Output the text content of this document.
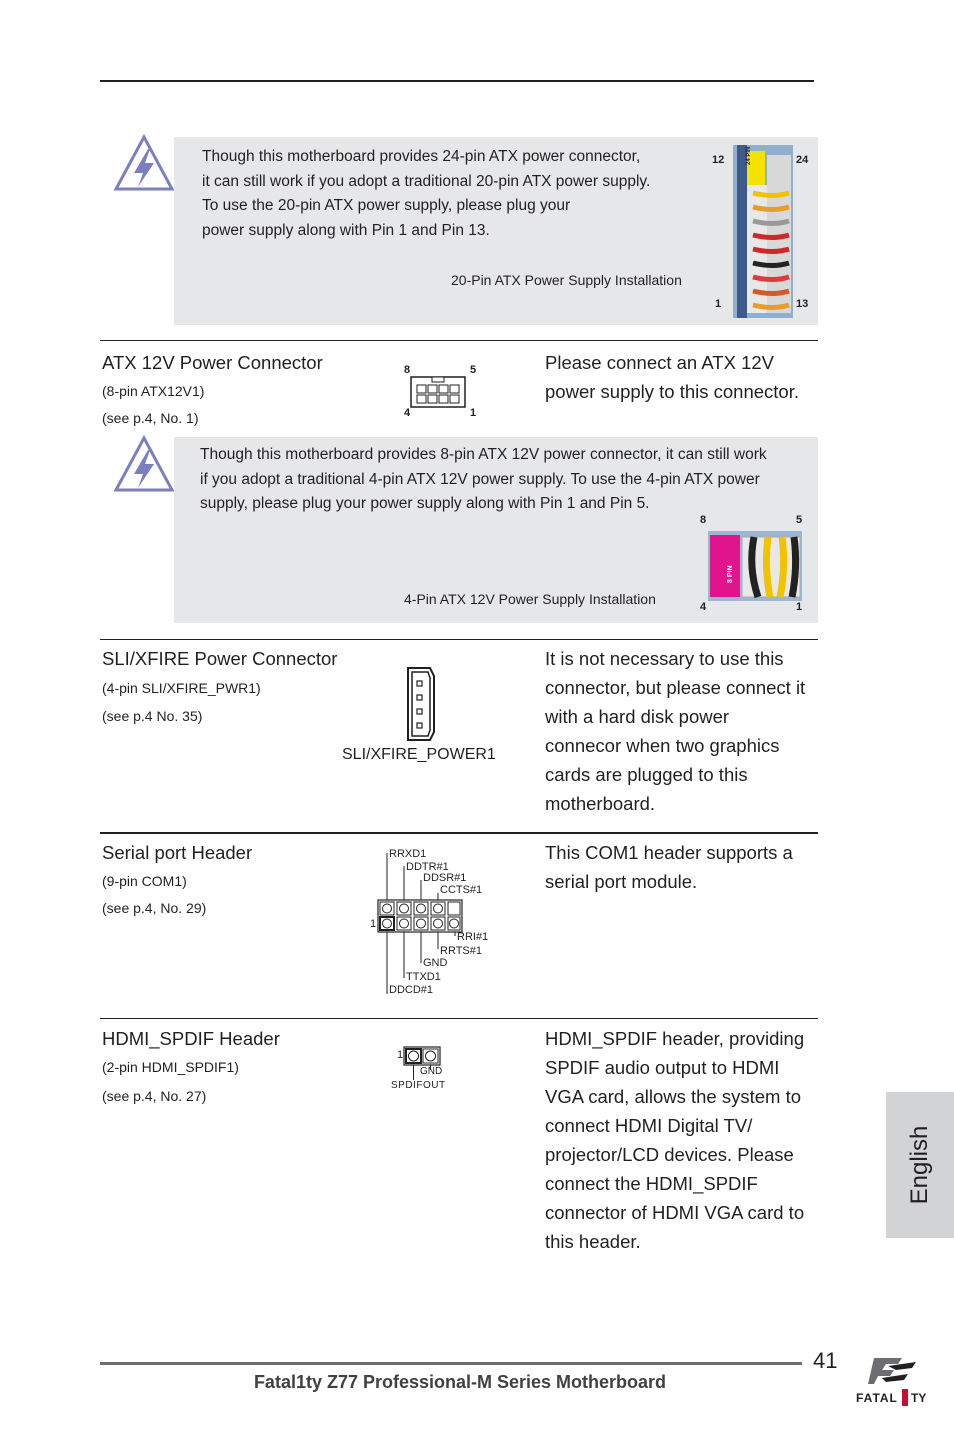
Though this motherboard provides 24-pin ATX power connector,
it can still work if you adopt a traditional 20-pin ATX power supply.
To use the 20-pin ATX power supply, please plug your
power supply along with Pin 1 and Pin 13.
20-Pin ATX Power Supply Installation
12	24
1	13
24 PIN
ATX 12V Power Connector
(8-pin ATX12V1)
(see p.4, No. 1)
8	5
4	1
Please connect an ATX 12V
power supply to this connector.
Though this motherboard provides 8-pin ATX 12V power connector, it can still work
if you adopt a traditional 4-pin ATX 12V power supply. To use the 4-pin ATX power
supply, please plug your power supply along with Pin 1 and Pin 5.
4-Pin ATX 12V Power Supply Installation
8	5
4	1
8 PIN
SLI/XFIRE Power Connector
(4-pin SLI/XFIRE_PWR1)
(see p.4 No. 35)
SLI/XFIRE_POWER1
It is not necessary to use this
connector, but please connect it
with a hard disk power
connecor when two graphics
cards are plugged to this
motherboard.
Serial port Header
(9-pin COM1)
(see p.4, No. 29)
1
RRXD1
DDTR#1
DDSR#1
CCTS#1
RRI#1
RRTS#1
GND
TTXD1
DDCD#1
This COM1 header supports a
serial port module.
HDMI_SPDIF Header
(2-pin HDMI_SPDIF1)
(see p.4, No. 27)
1
GND
SPDIFOUT
HDMI_SPDIF header, providing
SPDIF audio output to HDMI
VGA card, allows the system to
connect HDMI Digital TV/
projector/LCD devices. Please
connect the HDMI_SPDIF
connector of HDMI VGA card to
this header.
English
41
Fatal1ty Z77 Professional-M Series Motherboard
FATAL TY
